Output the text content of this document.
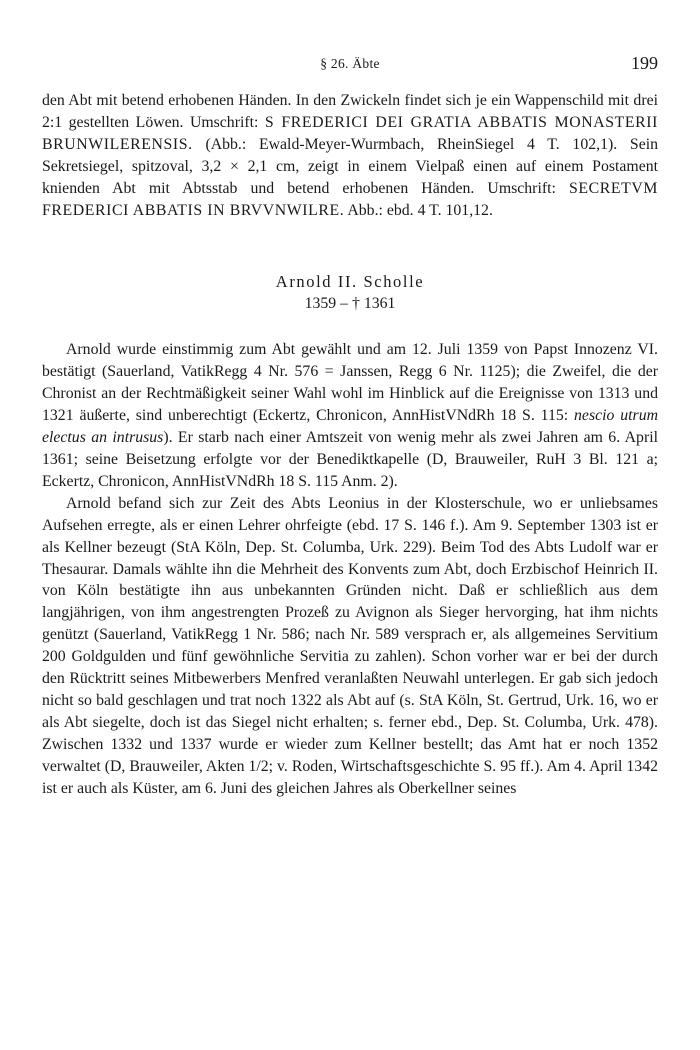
§ 26. Äbte	199

den Abt mit betend erhobenen Händen. In den Zwickeln findet sich je ein Wappenschild mit drei 2:1 gestellten Löwen. Umschrift: S FREDERICI DEI GRATIA ABBATIS MONASTERII BRUNWILERENSIS. (Abb.: Ewald-Meyer-Wurmbach, RheinSiegel 4 T. 102,1). Sein Sekretsiegel, spitzoval, 3,2 × 2,1 cm, zeigt in einem Vielpaß einen auf einem Postament knienden Abt mit Abtsstab und betend erhobenen Händen. Umschrift: SECRETVM FREDERICI ABBATIS IN BRVVNWILRE. Abb.: ebd. 4 T. 101,12.

Arnold II. Scholle
1359 – † 1361

Arnold wurde einstimmig zum Abt gewählt und am 12. Juli 1359 von Papst Innozenz VI. bestätigt (Sauerland, VatikRegg 4 Nr. 576 = Janssen, Regg 6 Nr. 1125); die Zweifel, die der Chronist an der Rechtmäßigkeit seiner Wahl wohl im Hinblick auf die Ereignisse von 1313 und 1321 äußerte, sind unberechtigt (Eckertz, Chronicon, AnnHistVNdRh 18 S. 115: nescio utrum electus an intrusus). Er starb nach einer Amtszeit von wenig mehr als zwei Jahren am 6. April 1361; seine Beisetzung erfolgte vor der Benediktkapelle (D, Brauweiler, RuH 3 Bl. 121 a; Eckertz, Chronicon, AnnHistVNdRh 18 S. 115 Anm. 2).

Arnold befand sich zur Zeit des Abts Leonius in der Klosterschule, wo er unliebsames Aufsehen erregte, als er einen Lehrer ohrfeigte (ebd. 17 S. 146 f.). Am 9. September 1303 ist er als Kellner bezeugt (StA Köln, Dep. St. Columba, Urk. 229). Beim Tod des Abts Ludolf war er Thesaurar. Damals wählte ihn die Mehrheit des Konvents zum Abt, doch Erzbischof Heinrich II. von Köln bestätigte ihn aus unbekannten Gründen nicht. Daß er schließlich aus dem langjährigen, von ihm angestrengten Prozeß zu Avignon als Sieger hervorging, hat ihm nichts genützt (Sauerland, VatikRegg 1 Nr. 586; nach Nr. 589 versprach er, als allgemeines Servitium 200 Goldgulden und fünf gewöhnliche Servitia zu zahlen). Schon vorher war er bei der durch den Rücktritt seines Mitbewerbers Menfred veranlaßten Neuwahl unterlegen. Er gab sich jedoch nicht so bald geschlagen und trat noch 1322 als Abt auf (s. StA Köln, St. Gertrud, Urk. 16, wo er als Abt siegelte, doch ist das Siegel nicht erhalten; s. ferner ebd., Dep. St. Columba, Urk. 478). Zwischen 1332 und 1337 wurde er wieder zum Kellner bestellt; das Amt hat er noch 1352 verwaltet (D, Brauweiler, Akten 1/2; v. Roden, Wirtschaftsgeschichte S. 95 ff.). Am 4. April 1342 ist er auch als Küster, am 6. Juni des gleichen Jahres als Oberkellner seines
